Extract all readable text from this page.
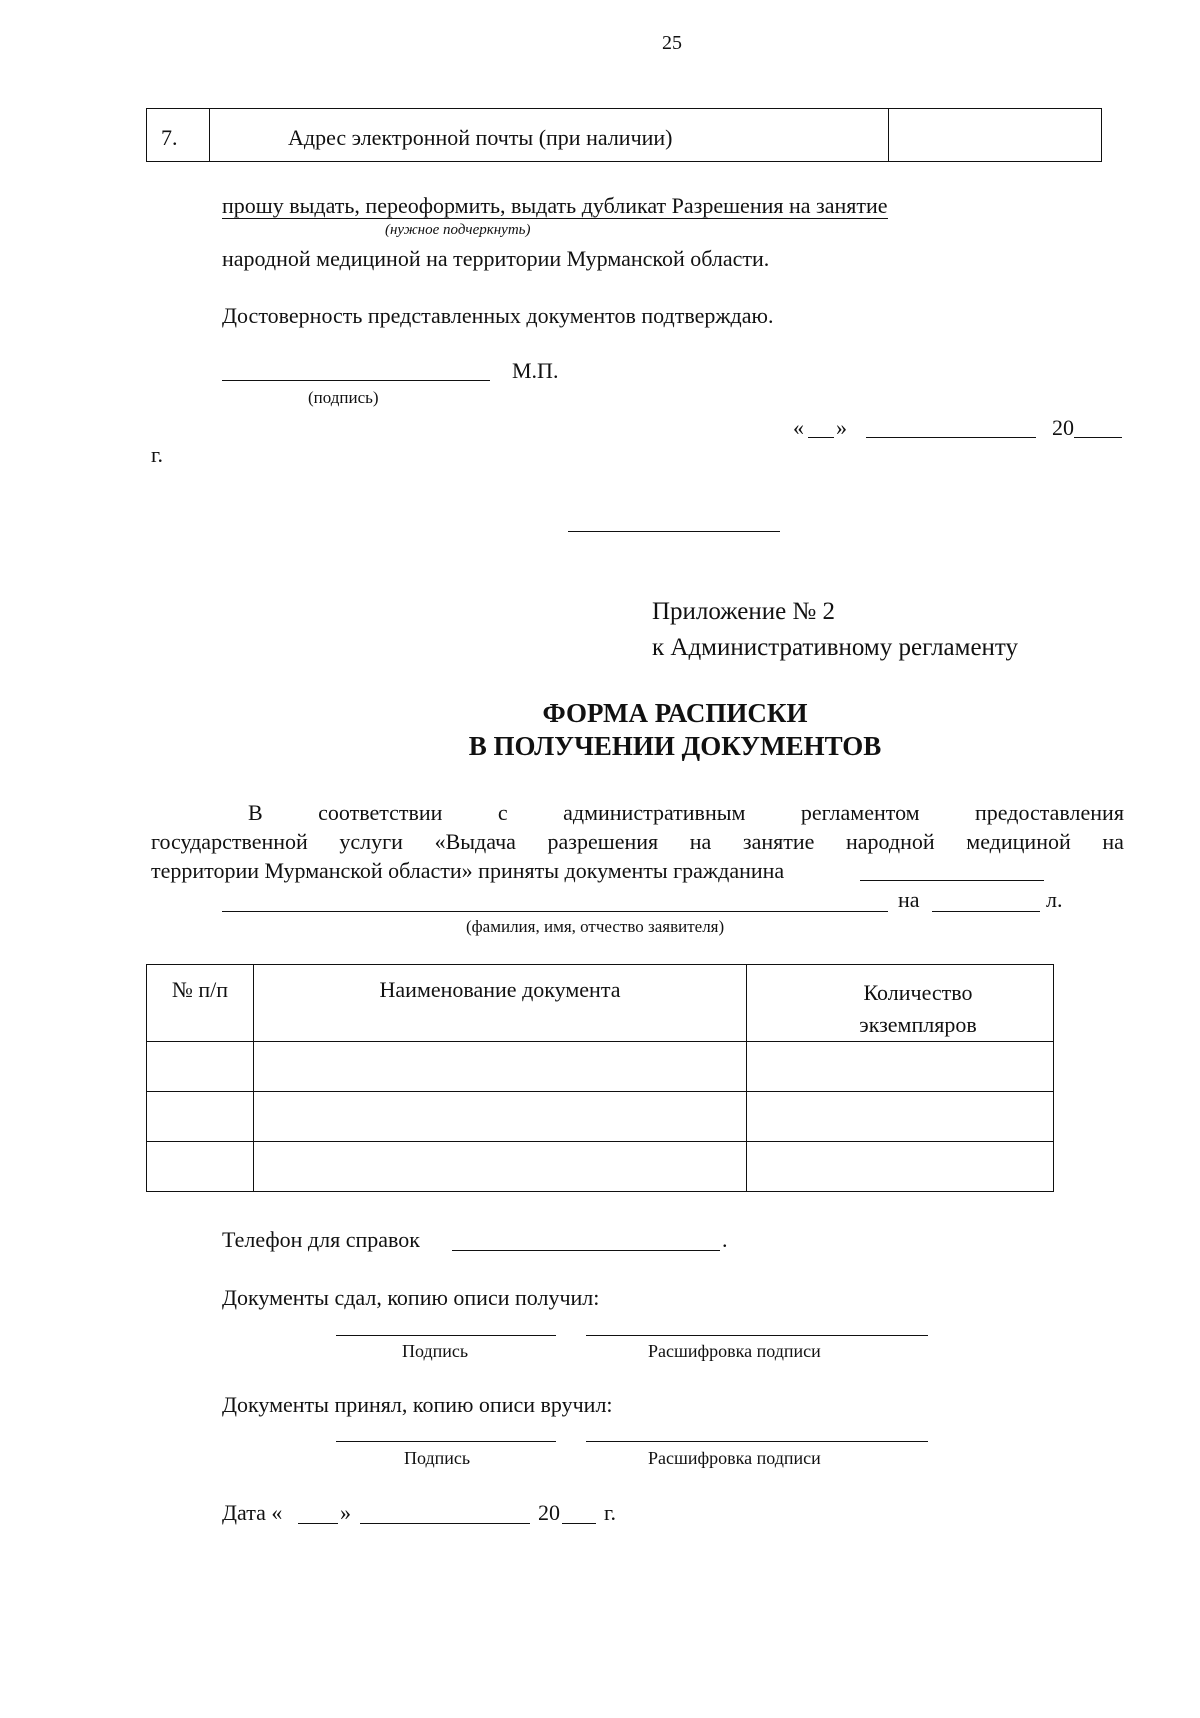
25
7.	Адрес электронной почты (при наличии)	
прошу выдать, переоформить, выдать дубликат Разрешения на занятие
(нужное подчеркнуть)
народной медициной на территории Мурманской области.
Достоверность представленных документов подтверждаю.
М.П.
(подпись)
« »	20
г.
Приложение № 2
к Административному регламенту
ФОРМА РАСПИСКИ
В ПОЛУЧЕНИИ ДОКУМЕНТОВ
В	соответствии	с	административным	регламентом	предоставления
государственной услуги «Выдача разрешения на занятие народной медициной на
территории Мурманской области» приняты документы гражданина
на	л.
(фамилия, имя, отчество заявителя)
№ п/п	Наименование документа	Количество экземпляров

Телефон для справок	.
Документы сдал, копию описи получил:
Подпись	Расшифровка подписи
Документы принял, копию описи вручил:
Подпись	Расшифровка подписи
Дата «	»	20 г.
